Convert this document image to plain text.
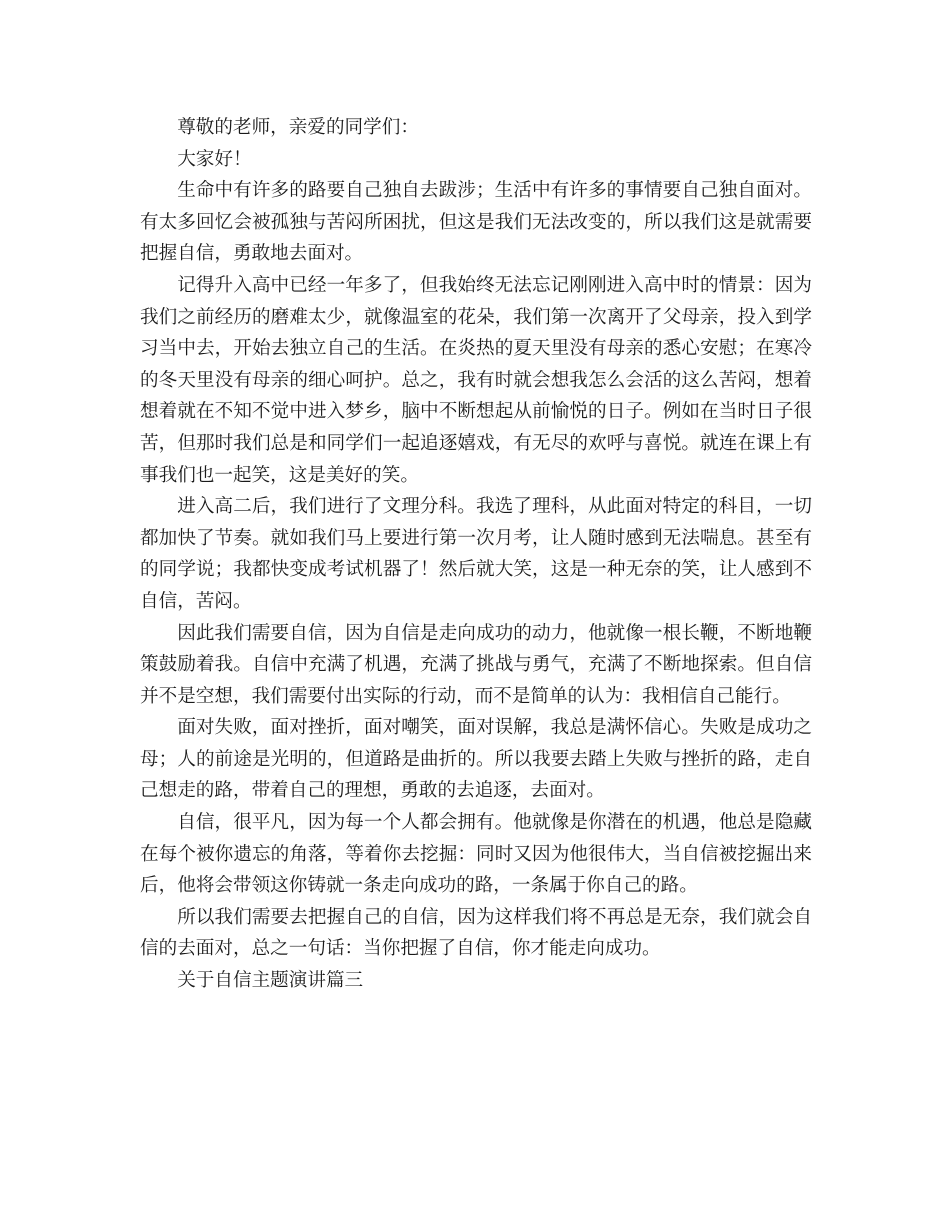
尊敬的老师，亲爱的同学们：

大家好！

生命中有许多的路要自己独自去跋涉；生活中有许多的事情要自己独自面对。有太多回忆会被孤独与苦闷所困扰，但这是我们无法改变的，所以我们这是就需要把握自信，勇敢地去面对。

记得升入高中已经一年多了，但我始终无法忘记刚刚进入高中时的情景：因为我们之前经历的磨难太少，就像温室的花朵，我们第一次离开了父母亲，投入到学习当中去，开始去独立自己的生活。在炎热的夏天里没有母亲的悉心安慰；在寒冷的冬天里没有母亲的细心呵护。总之，我有时就会想我怎么会活的这么苦闷，想着想着就在不知不觉中进入梦乡，脑中不断想起从前愉悦的日子。例如在当时日子很苦，但那时我们总是和同学们一起追逐嬉戏，有无尽的欢呼与喜悦。就连在课上有事我们也一起笑，这是美好的笑。

进入高二后，我们进行了文理分科。我选了理科，从此面对特定的科目，一切都加快了节奏。就如我们马上要进行第一次月考，让人随时感到无法喘息。甚至有的同学说；我都快变成考试机器了！然后就大笑，这是一种无奈的笑，让人感到不自信，苦闷。

因此我们需要自信，因为自信是走向成功的动力，他就像一根长鞭，不断地鞭策鼓励着我。自信中充满了机遇，充满了挑战与勇气，充满了不断地探索。但自信并不是空想，我们需要付出实际的行动，而不是简单的认为：我相信自己能行。

面对失败，面对挫折，面对嘲笑，面对误解，我总是满怀信心。失败是成功之母；人的前途是光明的，但道路是曲折的。所以我要去踏上失败与挫折的路，走自己想走的路，带着自己的理想，勇敢的去追逐，去面对。

自信，很平凡，因为每一个人都会拥有。他就像是你潜在的机遇，他总是隐藏在每个被你遗忘的角落，等着你去挖掘：同时又因为他很伟大，当自信被挖掘出来后，他将会带领这你铸就一条走向成功的路，一条属于你自己的路。

所以我们需要去把握自己的自信，因为这样我们将不再总是无奈，我们就会自信的去面对，总之一句话：当你把握了自信，你才能走向成功。

关于自信主题演讲篇三
